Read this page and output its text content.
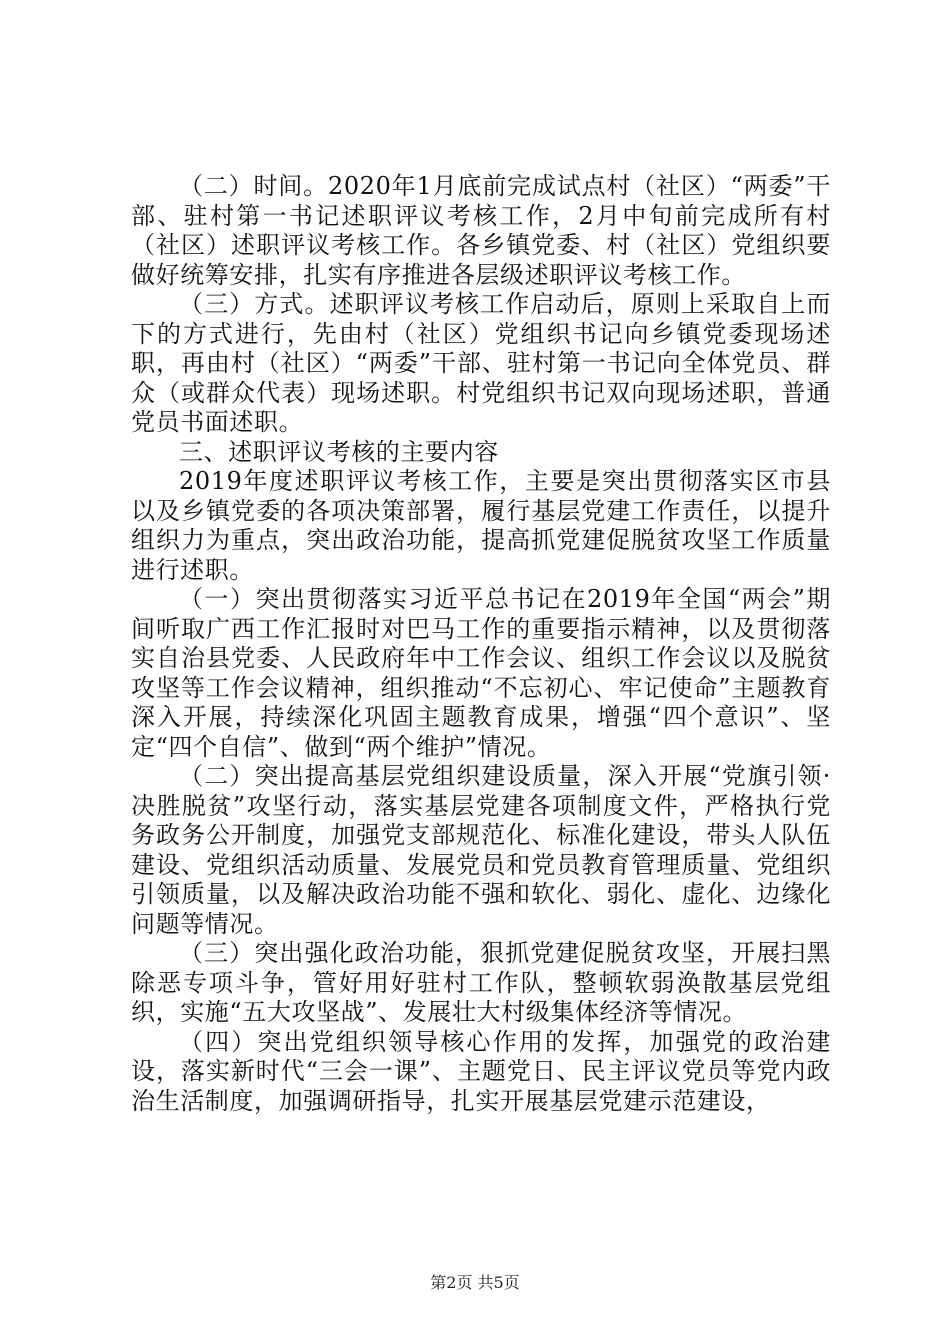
（二）时间。2020年1月底前完成试点村（社区）“两委”干部、驻村第一书记述职评议考核工作，2月中旬前完成所有村（社区）述职评议考核工作。各乡镇党委、村（社区）党组织要做好统筹安排，扎实有序推进各层级述职评议考核工作。

（三）方式。述职评议考核工作启动后，原则上采取自上而下的方式进行，先由村（社区）党组织书记向乡镇党委现场述职，再由村（社区）“两委”干部、驻村第一书记向全体党员、群众（或群众代表）现场述职。村党组织书记双向现场述职，普通党员书面述职。

三、述职评议考核的主要内容

2019年度述职评议考核工作，主要是突出贯彻落实区市县以及乡镇党委的各项决策部署，履行基层党建工作责任，以提升组织力为重点，突出政治功能，提高抓党建促脱贫攻坚工作质量进行述职。

（一）突出贯彻落实习近平总书记在2019年全国“两会”期间听取广西工作汇报时对巴马工作的重要指示精神，以及贯彻落实自治县党委、人民政府年中工作会议、组织工作会议以及脱贫攻坚等工作会议精神，组织推动“不忘初心、牢记使命”主题教育深入开展，持续深化巩固主题教育成果，增强“四个意识”、坚定“四个自信”、做到“两个维护”情况。

（二）突出提高基层党组织建设质量，深入开展“党旗引领·决胜脱贫”攻坚行动，落实基层党建各项制度文件，严格执行党务政务公开制度，加强党支部规范化、标准化建设，带头人队伍建设、党组织活动质量、发展党员和党员教育管理质量、党组织引领质量，以及解决政治功能不强和软化、弱化、虚化、边缘化问题等情况。

（三）突出强化政治功能，狠抓党建促脱贫攻坚，开展扫黑除恶专项斗争，管好用好驻村工作队，整顿软弱涣散基层党组织，实施“五大攻坚战”、发展壮大村级集体经济等情况。

（四）突出党组织领导核心作用的发挥，加强党的政治建设，落实新时代“三会一课”、主题党日、民主评议党员等党内政治生活制度，加强调研指导，扎实开展基层党建示范建设，

第2页 共5页
